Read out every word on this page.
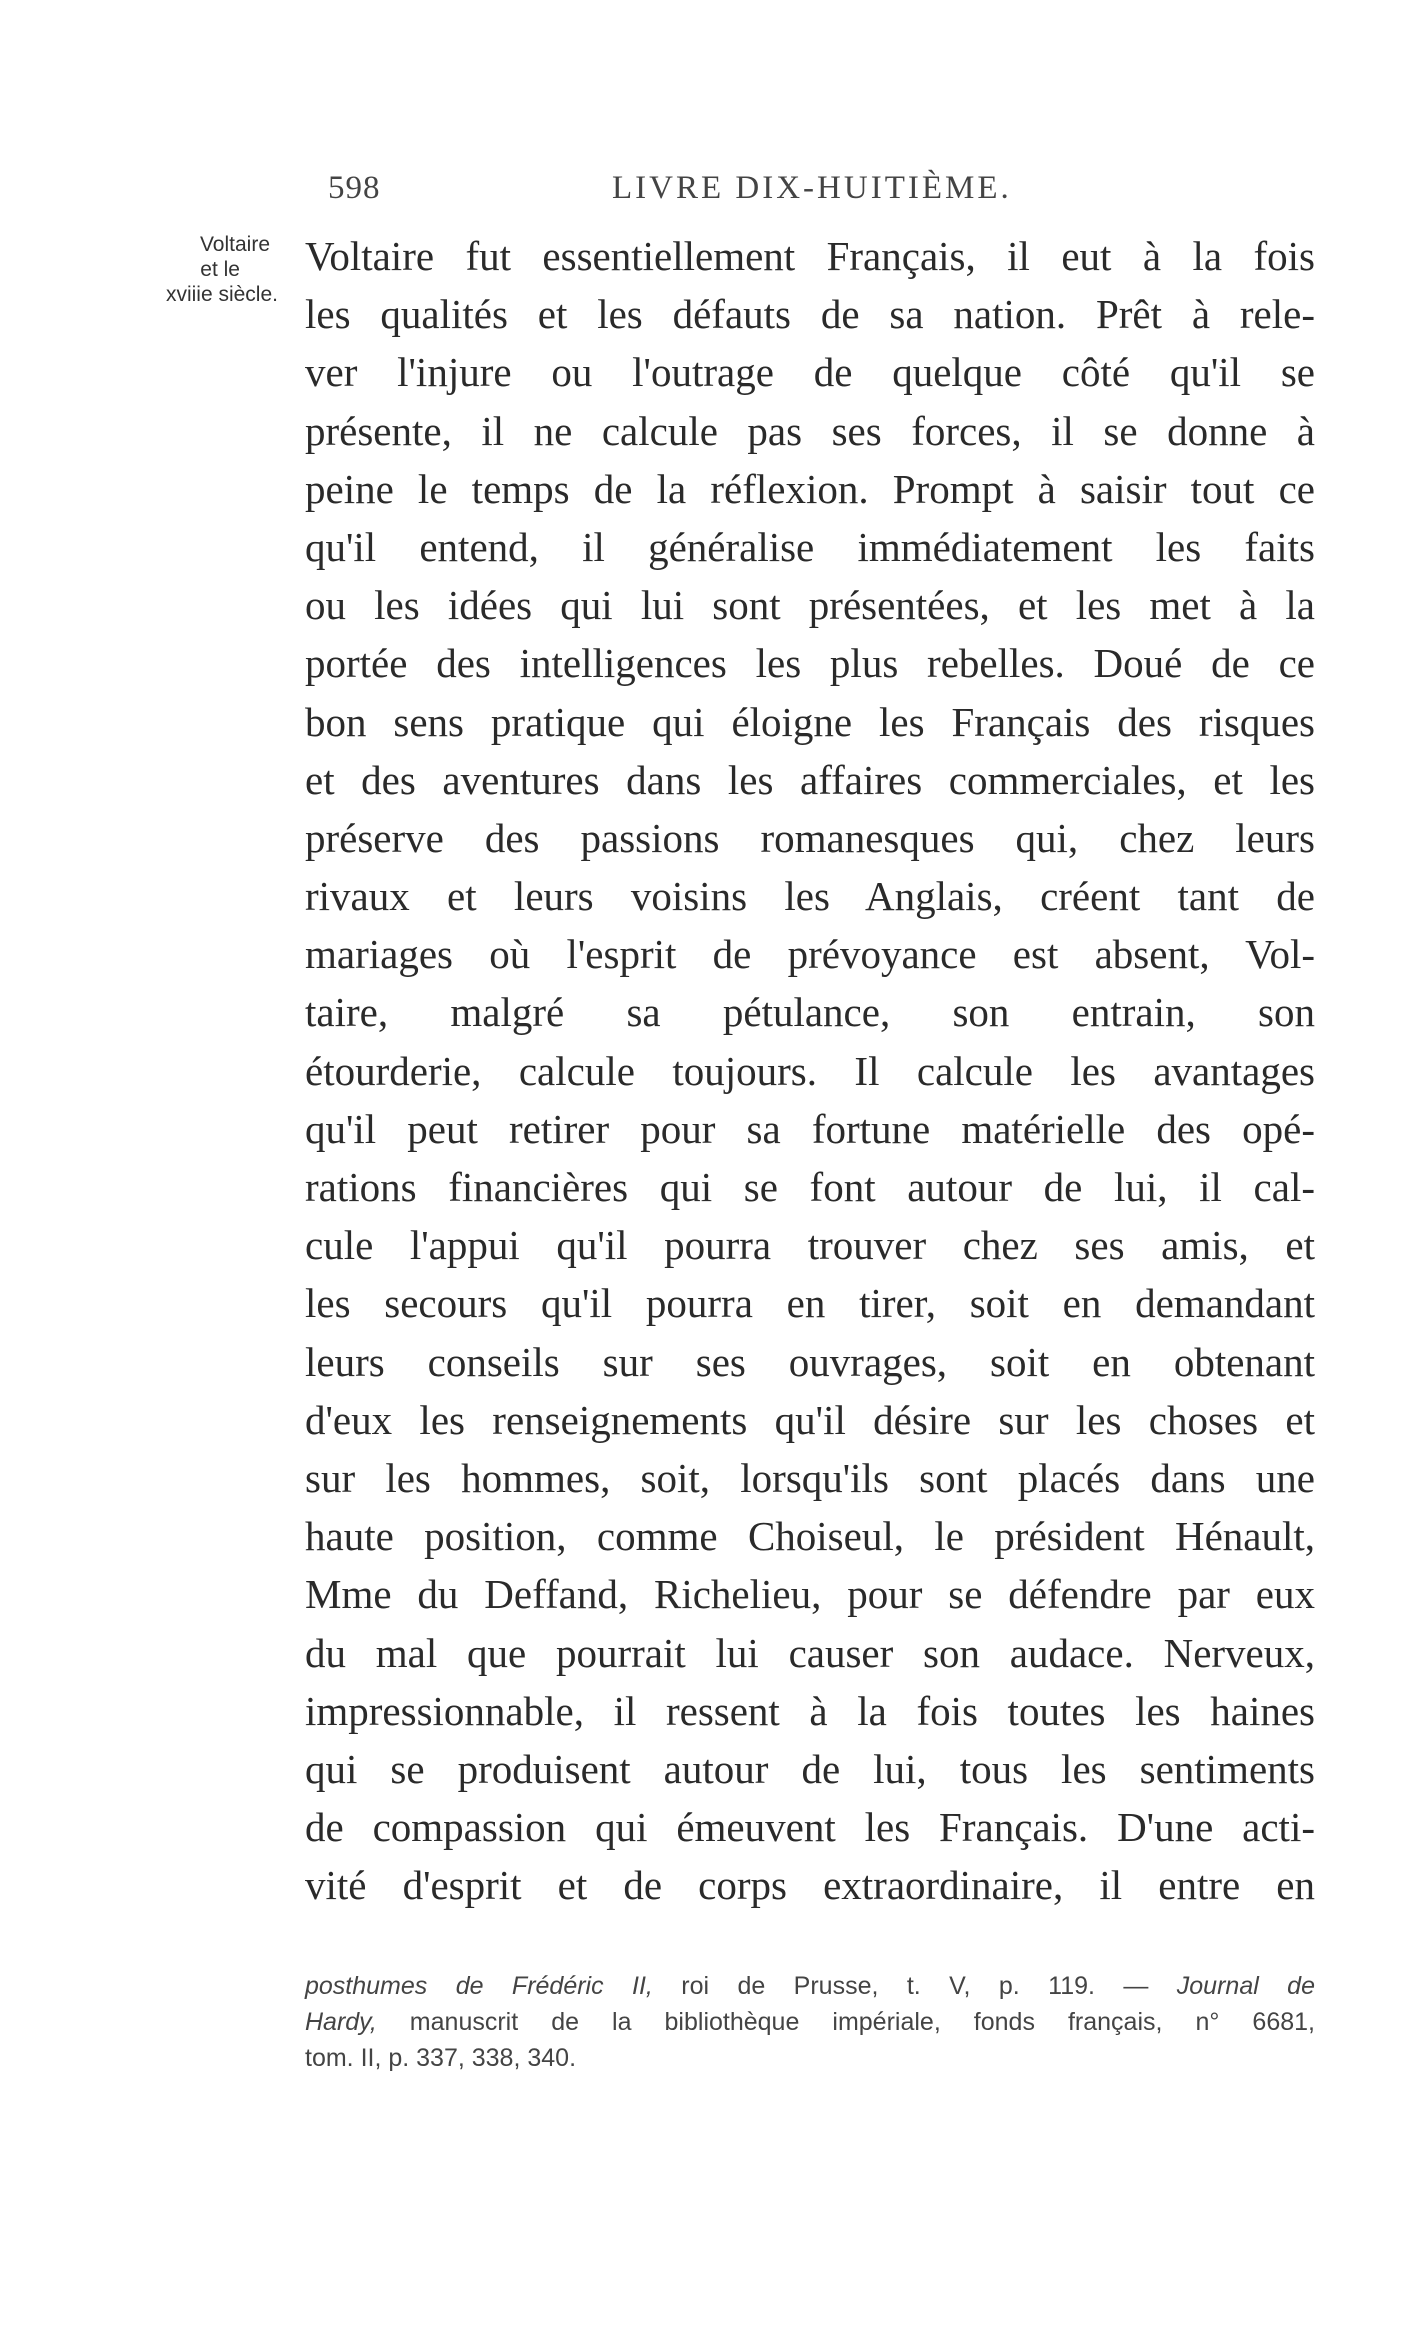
598	LIVRE DIX-HUITIÈME.
Voltaire
et le
xviiie siècle.
Voltaire fut essentiellement Français, il eut à la fois
les qualités et les défauts de sa nation. Prêt à rele-
ver l'injure ou l'outrage de quelque côté qu'il se
présente, il ne calcule pas ses forces, il se donne à
peine le temps de la réflexion. Prompt à saisir tout ce
qu'il entend, il généralise immédiatement les faits
ou les idées qui lui sont présentées, et les met à la
portée des intelligences les plus rebelles. Doué de ce
bon sens pratique qui éloigne les Français des risques
et des aventures dans les affaires commerciales, et les
préserve des passions romanesques qui, chez leurs
rivaux et leurs voisins les Anglais, créent tant de
mariages où l'esprit de prévoyance est absent, Vol-
taire, malgré sa pétulance, son entrain, son
étourderie, calcule toujours. Il calcule les avantages
qu'il peut retirer pour sa fortune matérielle des opé-
rations financières qui se font autour de lui, il cal-
cule l'appui qu'il pourra trouver chez ses amis, et
les secours qu'il pourra en tirer, soit en demandant
leurs conseils sur ses ouvrages, soit en obtenant
d'eux les renseignements qu'il désire sur les choses et
sur les hommes, soit, lorsqu'ils sont placés dans une
haute position, comme Choiseul, le président Hénault,
Mme du Deffand, Richelieu, pour se défendre par eux
du mal que pourrait lui causer son audace. Nerveux,
impressionnable, il ressent à la fois toutes les haines
qui se produisent autour de lui, tous les sentiments
de compassion qui émeuvent les Français. D'une acti-
vité d'esprit et de corps extraordinaire, il entre en
posthumes de Frédéric II, roi de Prusse, t. V, p. 119. — Journal de
Hardy, manuscrit de la bibliothèque impériale, fonds français, n° 6681,
tom. II, p. 337, 338, 340.
